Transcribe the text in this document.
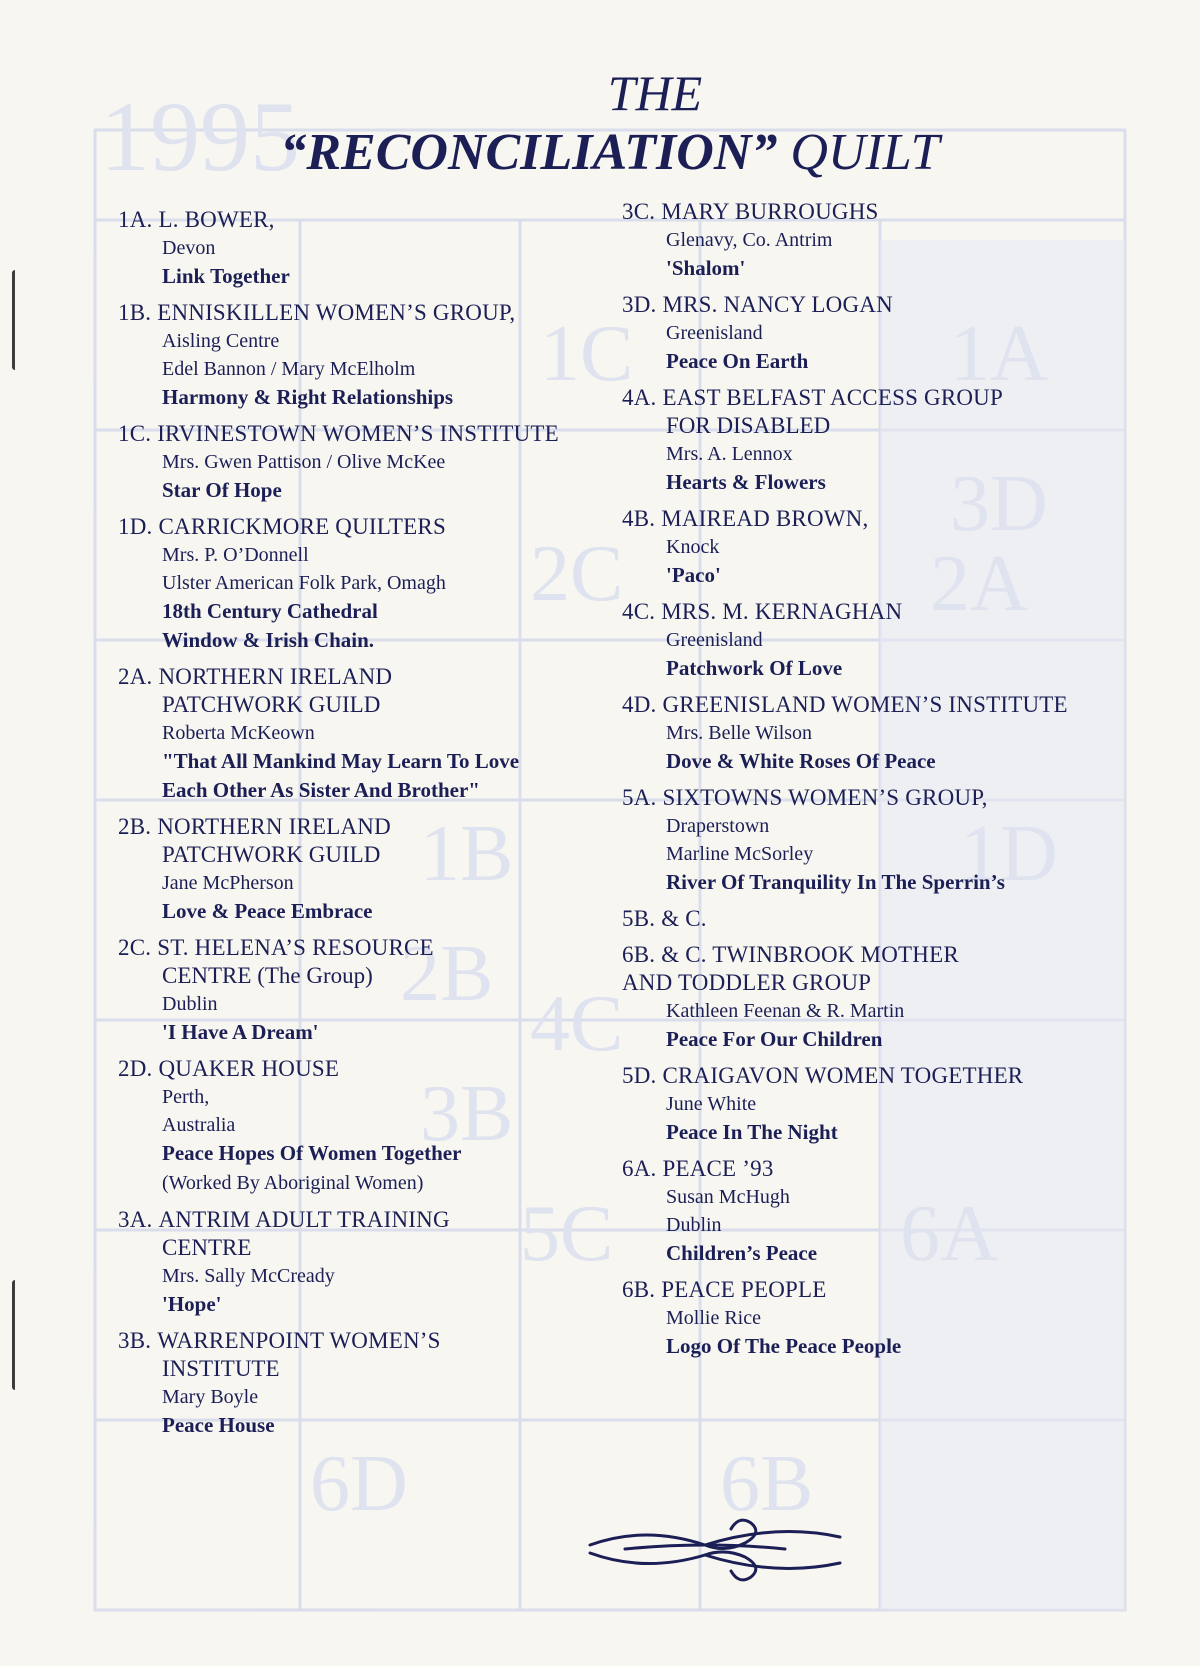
1995
1A
1C
3D
2C	2A
1B	1D
2B
4C
3B
5C	6A
6D	6B
THE
“RECONCILIATION” QUILT
1A. L. BOWER,
Devon
Link Together
1B. ENNISKILLEN WOMEN’S GROUP,
Aisling Centre
Edel Bannon / Mary McElholm
Harmony & Right Relationships
1C. IRVINESTOWN WOMEN’S INSTITUTE
Mrs. Gwen Pattison / Olive McKee
Star Of Hope
1D. CARRICKMORE QUILTERS
Mrs. P. O’Donnell
Ulster American Folk Park, Omagh
18th Century Cathedral
Window & Irish Chain.
2A. NORTHERN IRELAND
PATCHWORK GUILD
Roberta McKeown
"That All Mankind May Learn To Love
Each Other As Sister And Brother"
2B. NORTHERN IRELAND
PATCHWORK GUILD
Jane McPherson
Love & Peace Embrace
2C. ST. HELENA’S RESOURCE
CENTRE (The Group)
Dublin
'I Have A Dream'
2D. QUAKER HOUSE
Perth,
Australia
Peace Hopes Of Women Together
(Worked By Aboriginal Women)
3A. ANTRIM ADULT TRAINING
CENTRE
Mrs. Sally McCready
'Hope'
3B. WARRENPOINT WOMEN’S
INSTITUTE
Mary Boyle
Peace House
3C. MARY BURROUGHS
Glenavy, Co. Antrim
'Shalom'
3D. MRS. NANCY LOGAN
Greenisland
Peace On Earth
4A. EAST BELFAST ACCESS GROUP
FOR DISABLED
Mrs. A. Lennox
Hearts & Flowers
4B. MAIREAD BROWN,
Knock
'Paco'
4C. MRS. M. KERNAGHAN
Greenisland
Patchwork Of Love
4D. GREENISLAND WOMEN’S INSTITUTE
Mrs. Belle Wilson
Dove & White Roses Of Peace
5A. SIXTOWNS WOMEN’S GROUP,
Draperstown
Marline McSorley
River Of Tranquility In The Sperrin’s
5B. & C.
6B. & C. TWINBROOK MOTHER
AND TODDLER GROUP
Kathleen Feenan & R. Martin
Peace For Our Children
5D. CRAIGAVON WOMEN TOGETHER
June White
Peace In The Night
6A. PEACE ’93
Susan McHugh
Dublin
Children’s Peace
6B. PEACE PEOPLE
Mollie Rice
Logo Of The Peace People
